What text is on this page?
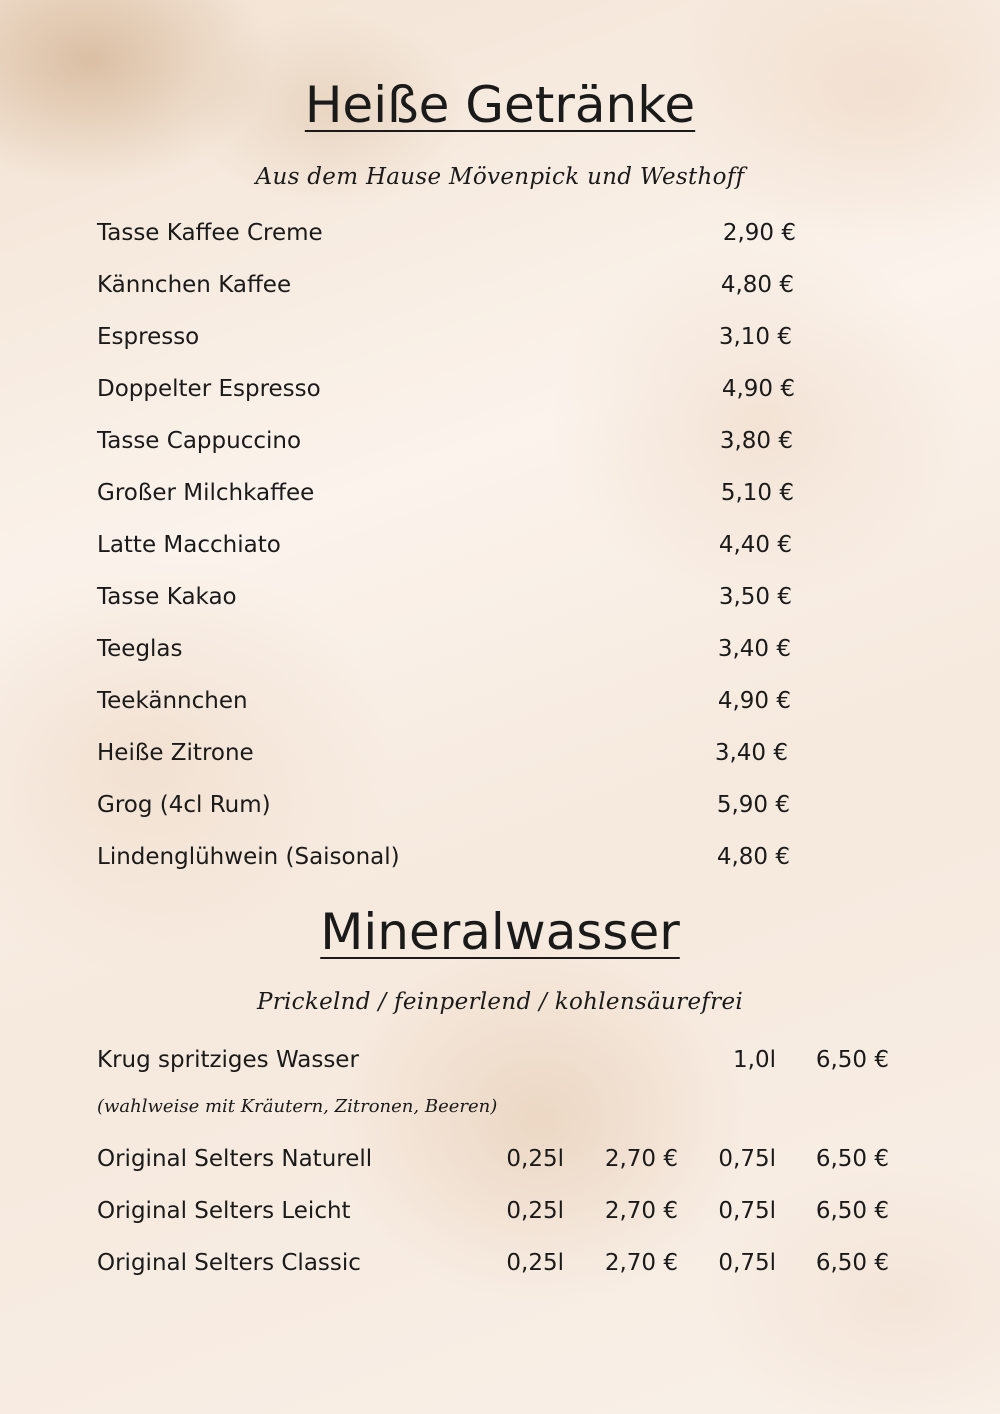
Heiße Getränke
Aus dem Hause Mövenpick und Westhoff
Tasse Kaffee Creme	2,90 €
Kännchen Kaffee	4,80 €
Espresso	3,10 €
Doppelter Espresso	4,90 €
Tasse Cappuccino	3,80 €
Großer Milchkaffee	5,10 €
Latte Macchiato	4,40 €
Tasse Kakao	3,50 €
Teeglas	3,40 €
Teekännchen	4,90 €
Heiße Zitrone	3,40 €
Grog (4cl Rum)	5,90 €
Lindenglühwein (Saisonal)	4,80 €
Mineralwasser
Prickelnd / feinperlend / kohlensäurefrei
Krug spritziges Wasser	1,0l 6,50 €
(wahlweise mit Kräutern, Zitronen, Beeren)
Original Selters Naturell	0,25l 2,70 € 0,75l 6,50 €
Original Selters Leicht	0,25l 2,70 € 0,75l 6,50 €
Original Selters Classic	0,25l 2,70 € 0,75l 6,50 €
